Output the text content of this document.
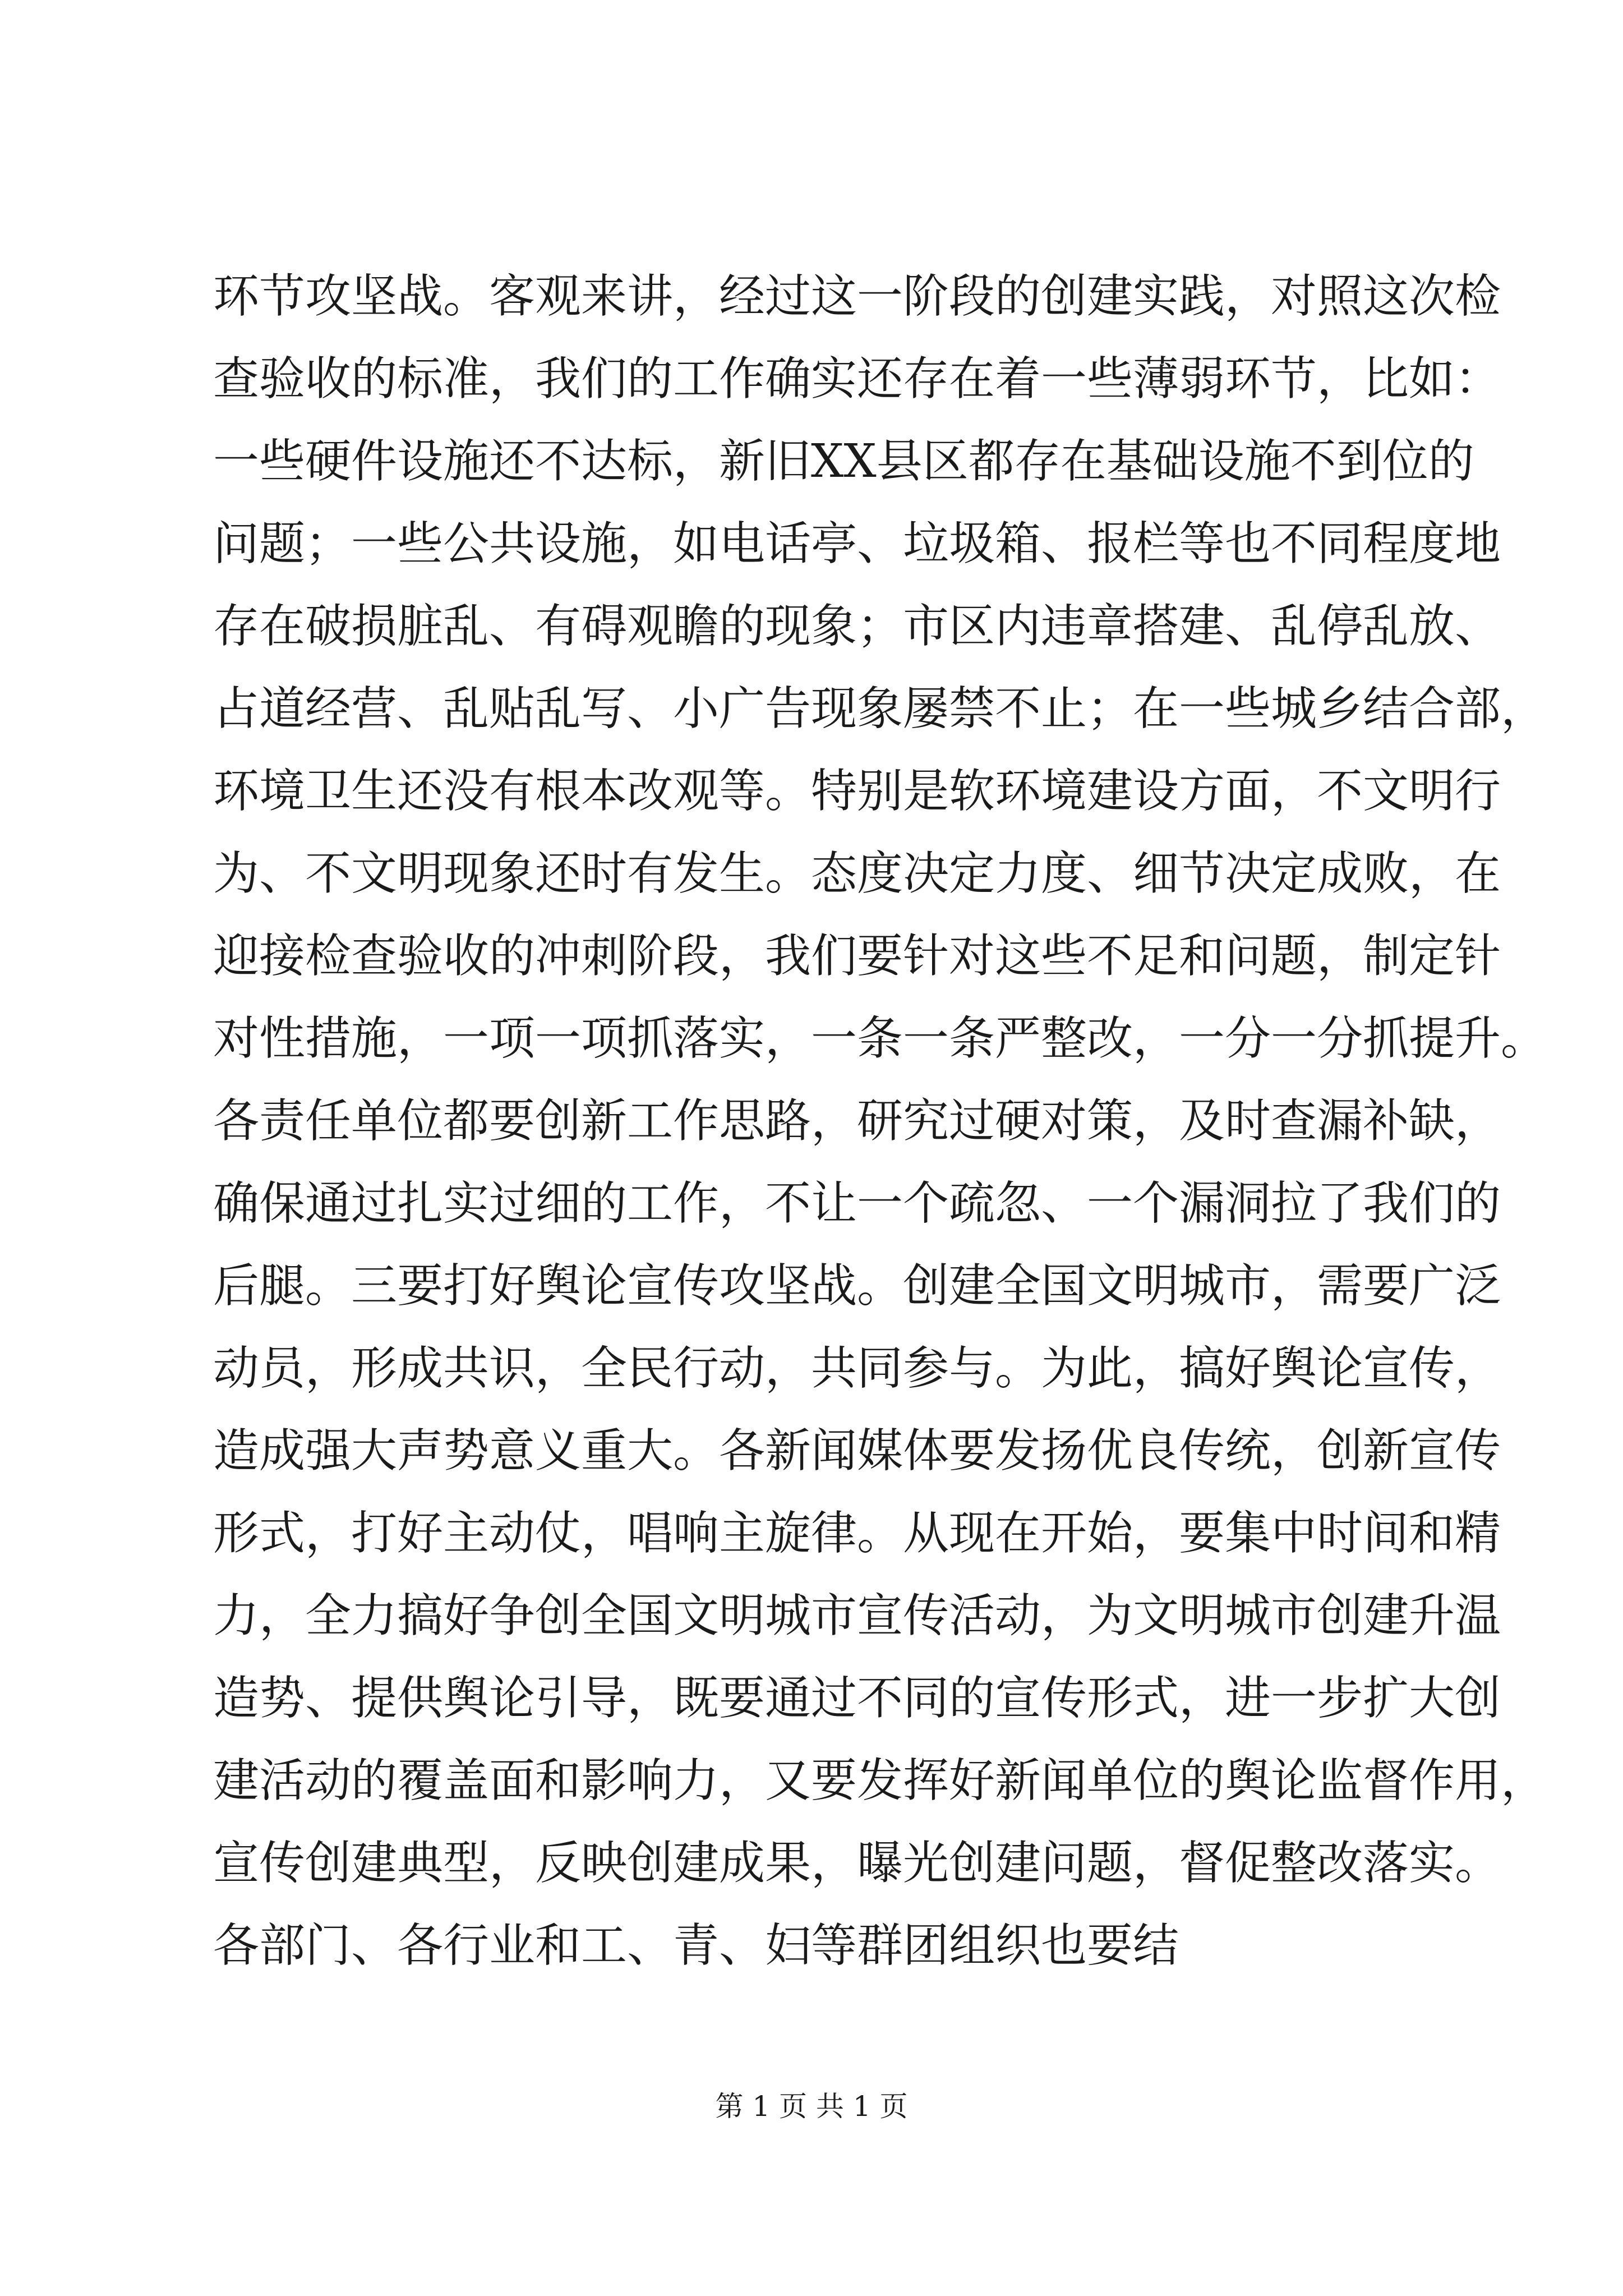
环节攻坚战。客观来讲，经过这一阶段的创建实践，对照这次检
查验收的标准，我们的工作确实还存在着一些薄弱环节，比如：
一些硬件设施还不达标，新旧XX县区都存在基础设施不到位的
问题；一些公共设施，如电话亭、垃圾箱、报栏等也不同程度地
存在破损脏乱、有碍观瞻的现象；市区内违章搭建、乱停乱放、
占道经营、乱贴乱写、小广告现象屡禁不止；在一些城乡结合部，
环境卫生还没有根本改观等。特别是软环境建设方面，不文明行
为、不文明现象还时有发生。态度决定力度、细节决定成败，在
迎接检查验收的冲刺阶段，我们要针对这些不足和问题，制定针
对性措施，一项一项抓落实，一条一条严整改，一分一分抓提升。
各责任单位都要创新工作思路，研究过硬对策，及时查漏补缺，
确保通过扎实过细的工作，不让一个疏忽、一个漏洞拉了我们的
后腿。三要打好舆论宣传攻坚战。创建全国文明城市，需要广泛
动员，形成共识，全民行动，共同参与。为此，搞好舆论宣传，
造成强大声势意义重大。各新闻媒体要发扬优良传统，创新宣传
形式，打好主动仗，唱响主旋律。从现在开始，要集中时间和精
力，全力搞好争创全国文明城市宣传活动，为文明城市创建升温
造势、提供舆论引导，既要通过不同的宣传形式，进一步扩大创
建活动的覆盖面和影响力，又要发挥好新闻单位的舆论监督作用，
宣传创建典型，反映创建成果，曝光创建问题，督促整改落实。
各部门、各行业和工、青、妇等群团组织也要结
第 1 页 共 1 页
